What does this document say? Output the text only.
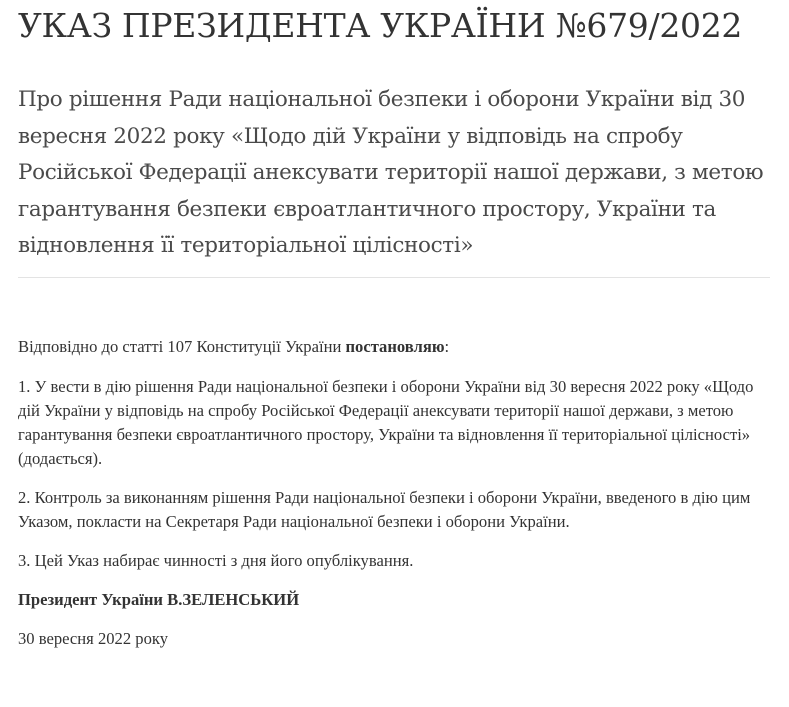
УКАЗ ПРЕЗИДЕНТА УКРАЇНИ №679/2022
Про рішення Ради національної безпеки і оборони України від 30 вересня 2022 року «Щодо дій України у відповідь на спробу Російської Федерації анексувати території нашої держави, з метою гарантування безпеки євроатлантичного простору, України та відновлення її територіальної цілісності»

Відповідно до статті 107 Конституції України постановляю:

1. У вести в дію рішення Ради національної безпеки і оборони України від 30 вересня 2022 року «Щодо дій України у відповідь на спробу Російської Федерації анексувати території нашої держави, з метою гарантування безпеки євроатлантичного простору, України та відновлення її територіальної цілісності» (додається).

2. Контроль за виконанням рішення Ради національної безпеки і оборони України, введеного в дію цим Указом, покласти на Секретаря Ради національної безпеки і оборони України.

3. Цей Указ набирає чинності з дня його опублікування.

Президент України В.ЗЕЛЕНСЬКИЙ

30 вересня 2022 року
